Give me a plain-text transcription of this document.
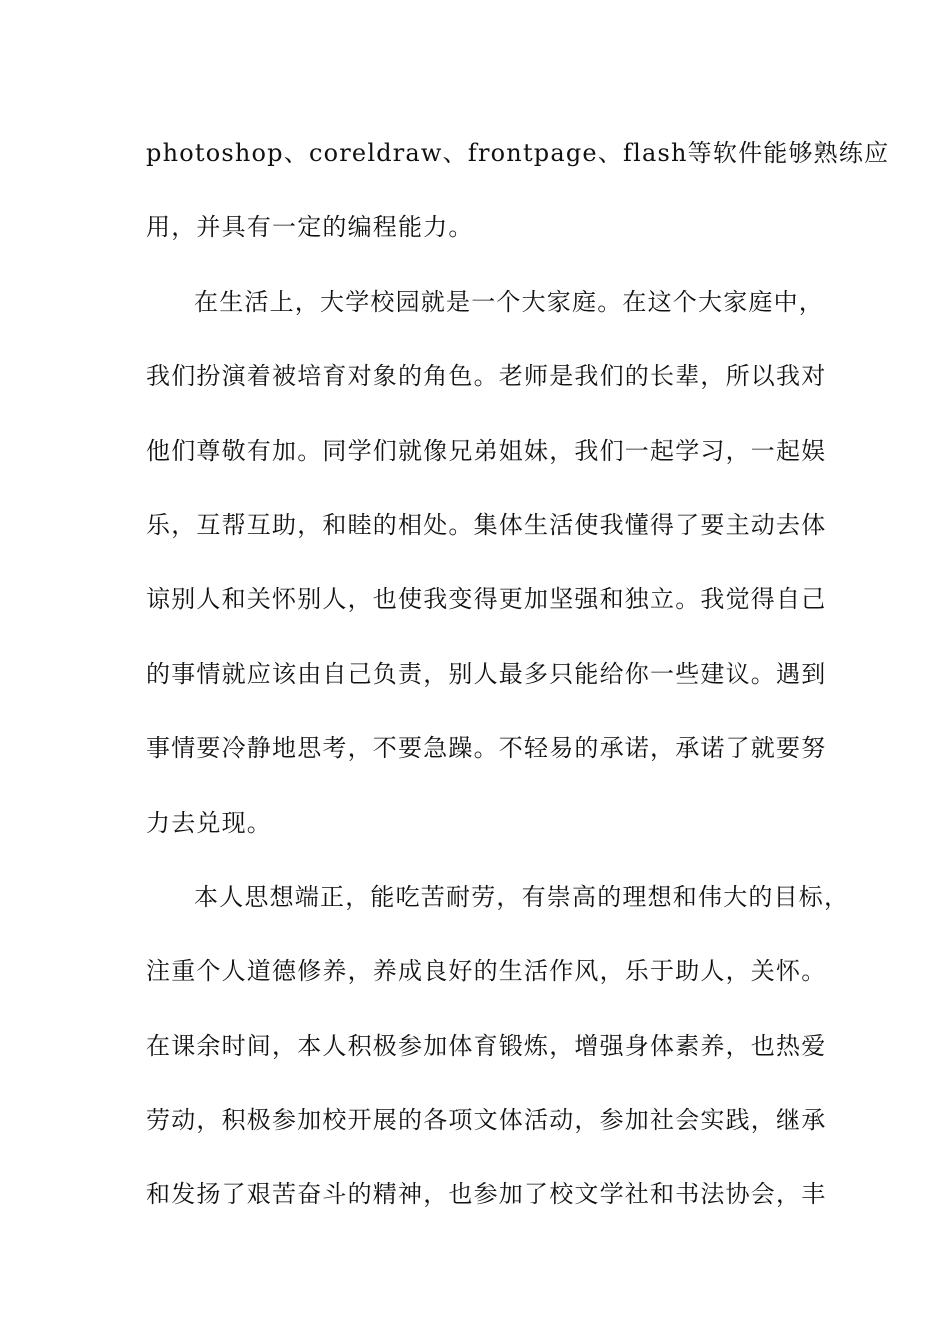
photoshop、coreldraw、frontpage、flash等软件能够熟练应
用，并具有一定的编程能力。
在生活上，大学校园就是一个大家庭。在这个大家庭中，
我们扮演着被培育对象的角色。老师是我们的长辈，所以我对
他们尊敬有加。同学们就像兄弟姐妹，我们一起学习，一起娱
乐，互帮互助，和睦的相处。集体生活使我懂得了要主动去体
谅别人和关怀别人，也使我变得更加坚强和独立。我觉得自己
的事情就应该由自己负责，别人最多只能给你一些建议。遇到
事情要冷静地思考，不要急躁。不轻易的承诺，承诺了就要努
力去兑现。
本人思想端正，能吃苦耐劳，有崇高的理想和伟大的目标，
注重个人道德修养，养成良好的生活作风，乐于助人，关怀。
在课余时间，本人积极参加体育锻炼，增强身体素养，也热爱
劳动，积极参加校开展的各项文体活动，参加社会实践，继承
和发扬了艰苦奋斗的精神，也参加了校文学社和书法协会，丰
